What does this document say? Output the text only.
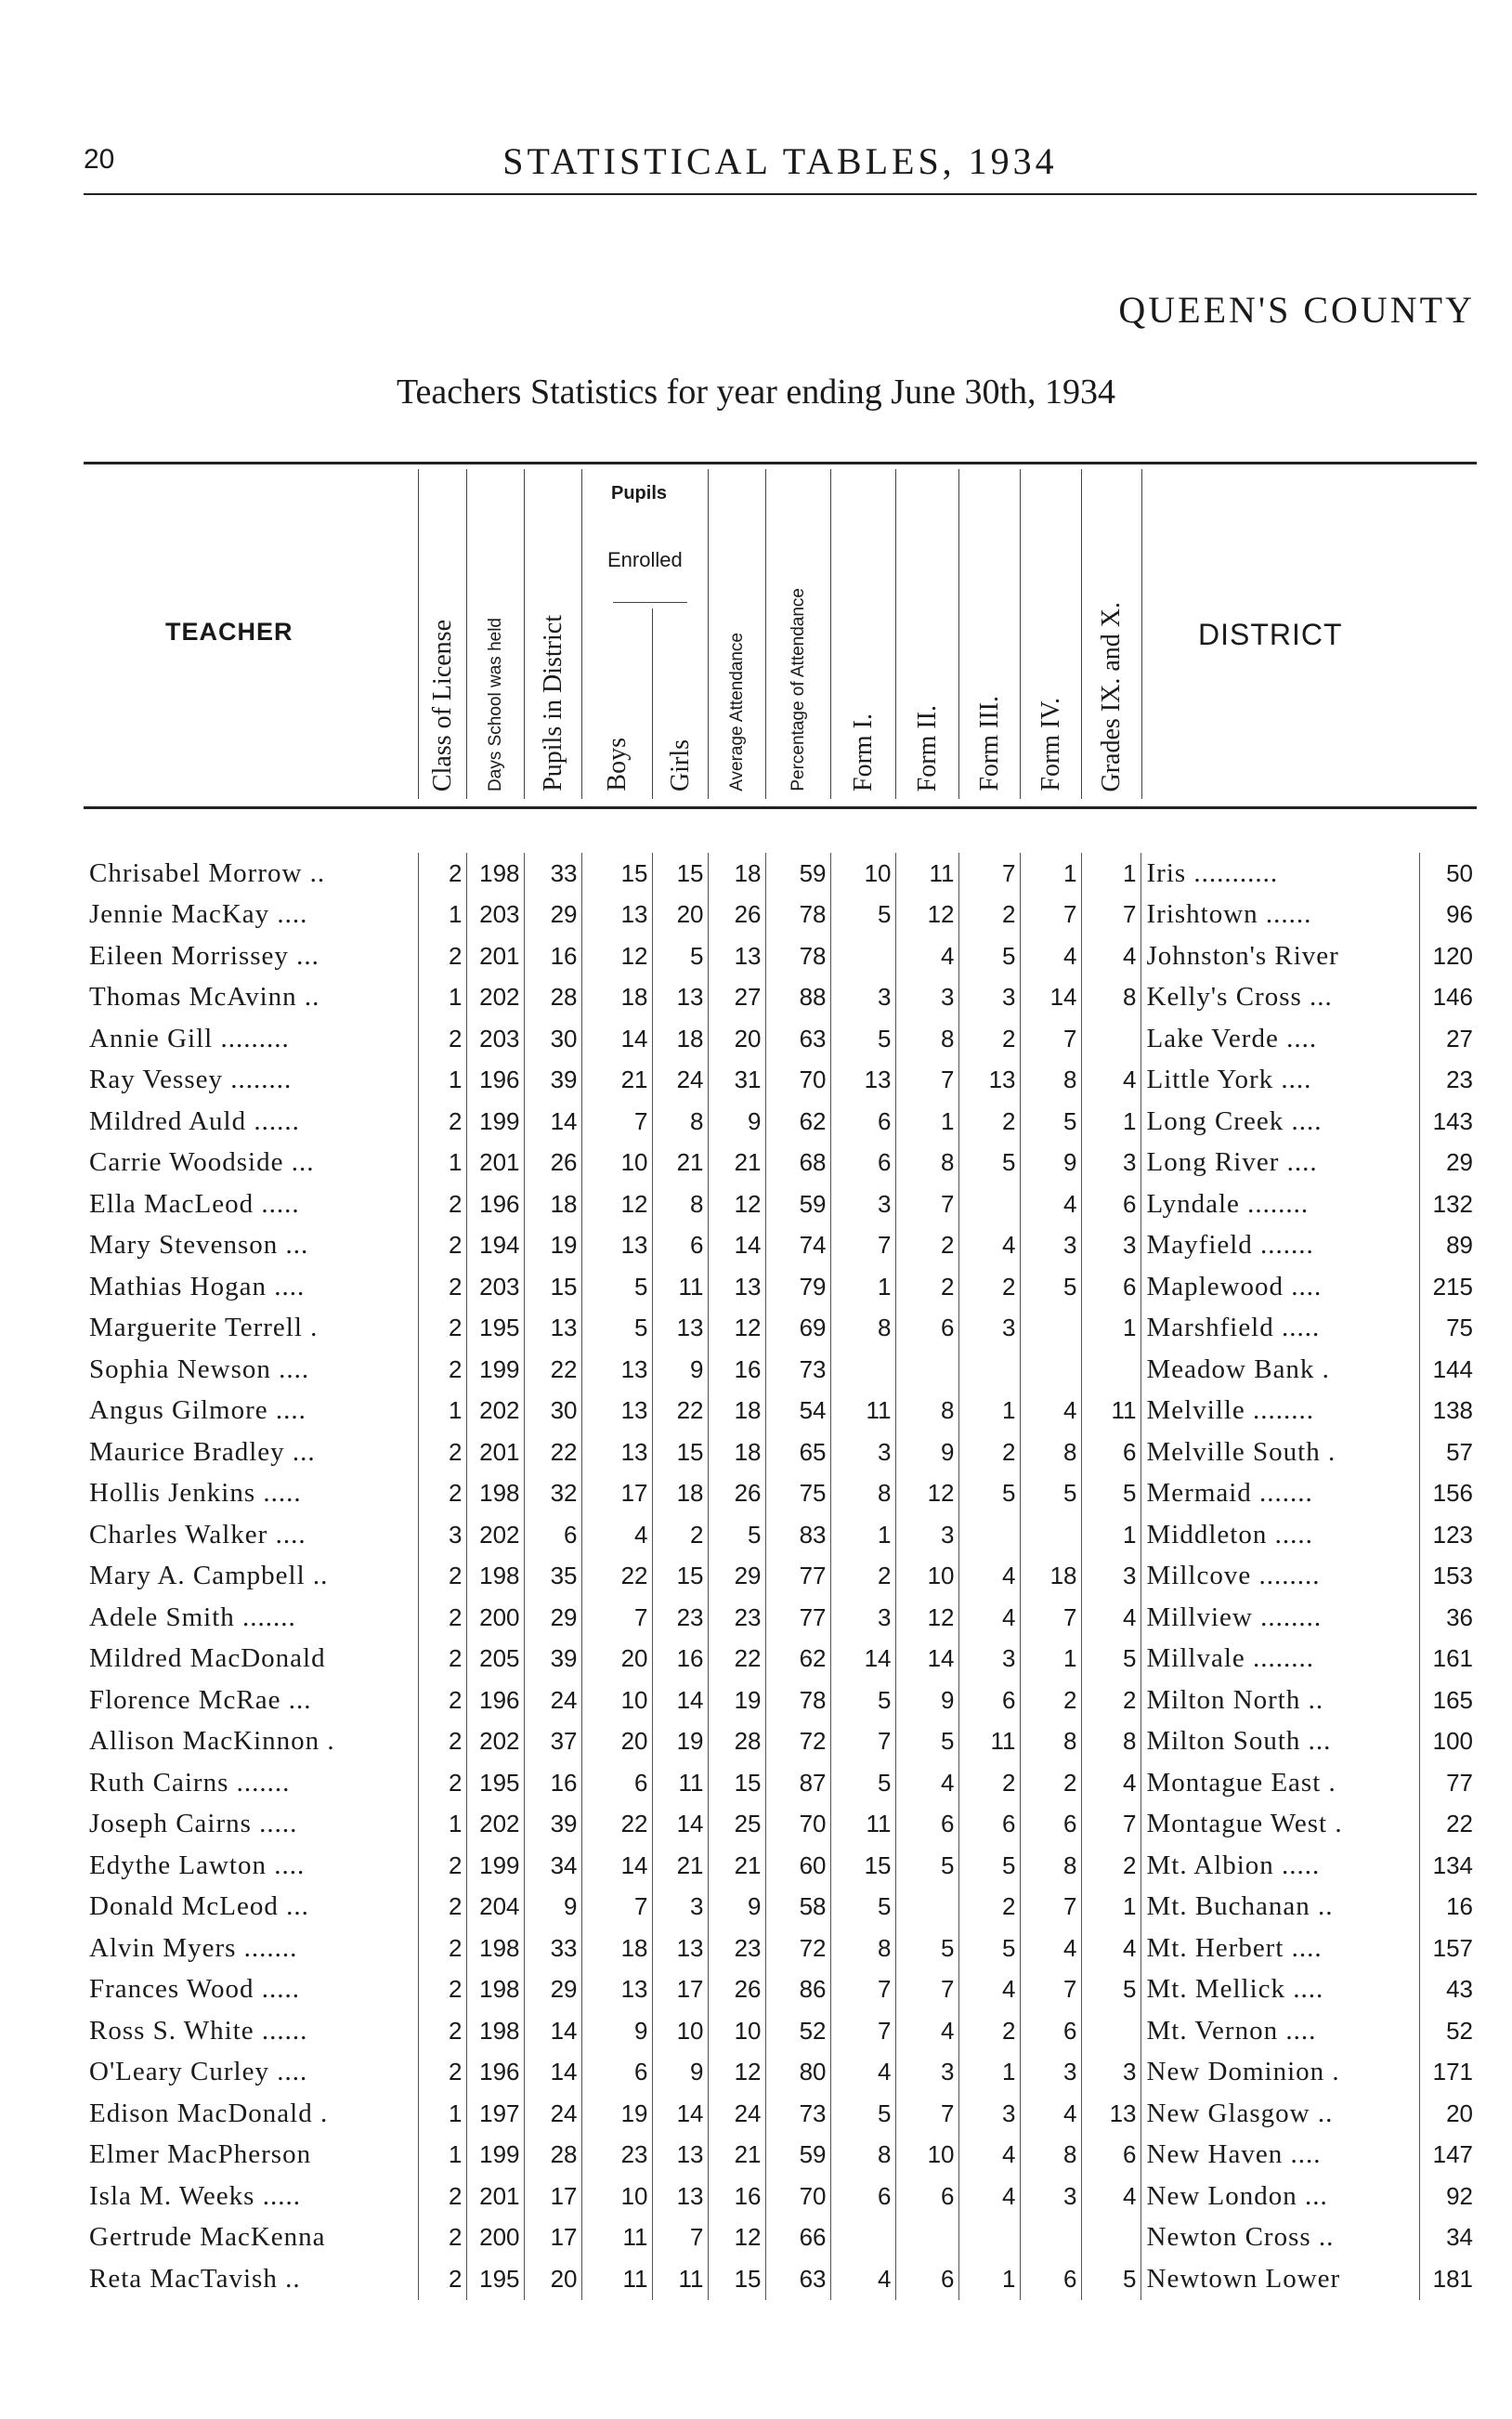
20	STATISTICAL TABLES, 1934
QUEEN'S COUNTY
Teachers Statistics for year ending June 30th, 1934
TEACHER	Class of License Days School was held Pupils in District
Pupils
Enrolled
Boys Girls Average Attendance Percentage of Attendance Form I. Form II. Form III. Form IV. Grades IX. and X. DISTRICT
Chrisabel Morrow ..	2	198	33	15	15	18	59	10	11	7	1	1	Iris ...........	50
Jennie MacKay ....	1	203	29	13	20	26	78	5	12	2	7	7	Irishtown ......	96
Eileen Morrissey ...	2	201	16	12	5	13	78		4	5	4	4	Johnston's River	120
Thomas McAvinn ..	1	202	28	18	13	27	88	3	3	3	14	8	Kelly's Cross ...	146
Annie Gill .........	2	203	30	14	18	20	63	5	8	2	7		Lake Verde ....	27
Ray Vessey ........	1	196	39	21	24	31	70	13	7	13	8	4	Little York ....	23
Mildred Auld ......	2	199	14	7	8	9	62	6	1	2	5	1	Long Creek ....	143
Carrie Woodside ...	1	201	26	10	21	21	68	6	8	5	9	3	Long River ....	29
Ella MacLeod .....	2	196	18	12	8	12	59	3	7		4	6	Lyndale ........	132
Mary Stevenson ...	2	194	19	13	6	14	74	7	2	4	3	3	Mayfield .......	89
Mathias Hogan ....	2	203	15	5	11	13	79	1	2	2	5	6	Maplewood ....	215
Marguerite Terrell .	2	195	13	5	13	12	69	8	6	3		1	Marshfield .....	75
Sophia Newson ....	2	199	22	13	9	16	73						Meadow Bank .	144
Angus Gilmore ....	1	202	30	13	22	18	54	11	8	1	4	11	Melville ........	138
Maurice Bradley ...	2	201	22	13	15	18	65	3	9	2	8	6	Melville South .	57
Hollis Jenkins .....	2	198	32	17	18	26	75	8	12	5	5	5	Mermaid .......	156
Charles Walker ....	3	202	6	4	2	5	83	1	3			1	Middleton .....	123
Mary A. Campbell ..	2	198	35	22	15	29	77	2	10	4	18	3	Millcove ........	153
Adele Smith .......	2	200	29	7	23	23	77	3	12	4	7	4	Millview ........	36
Mildred MacDonald	2	205	39	20	16	22	62	14	14	3	1	5	Millvale ........	161
Florence McRae ...	2	196	24	10	14	19	78	5	9	6	2	2	Milton North ..	165
Allison MacKinnon .	2	202	37	20	19	28	72	7	5	11	8	8	Milton South ...	100
Ruth Cairns .......	2	195	16	6	11	15	87	5	4	2	2	4	Montague East .	77
Joseph Cairns .....	1	202	39	22	14	25	70	11	6	6	6	7	Montague West .	22
Edythe Lawton ....	2	199	34	14	21	21	60	15	5	5	8	2	Mt. Albion .....	134
Donald McLeod ...	2	204	9	7	3	9	58	5		2	7	1	Mt. Buchanan ..	16
Alvin Myers .......	2	198	33	18	13	23	72	8	5	5	4	4	Mt. Herbert ....	157
Frances Wood .....	2	198	29	13	17	26	86	7	7	4	7	5	Mt. Mellick ....	43
Ross S. White ......	2	198	14	9	10	10	52	7	4	2	6		Mt. Vernon ....	52
O'Leary Curley ....	2	196	14	6	9	12	80	4	3	1	3	3	New Dominion .	171
Edison MacDonald .	1	197	24	19	14	24	73	5	7	3	4	13	New Glasgow ..	20
Elmer MacPherson	1	199	28	23	13	21	59	8	10	4	8	6	New Haven ....	147
Isla M. Weeks .....	2	201	17	10	13	16	70	6	6	4	3	4	New London ...	92
Gertrude MacKenna	2	200	17	11	7	12	66						Newton Cross ..	34
Reta MacTavish ..	2	195	20	11	11	15	63	4	6	1	6	5	Newtown Lower	181
